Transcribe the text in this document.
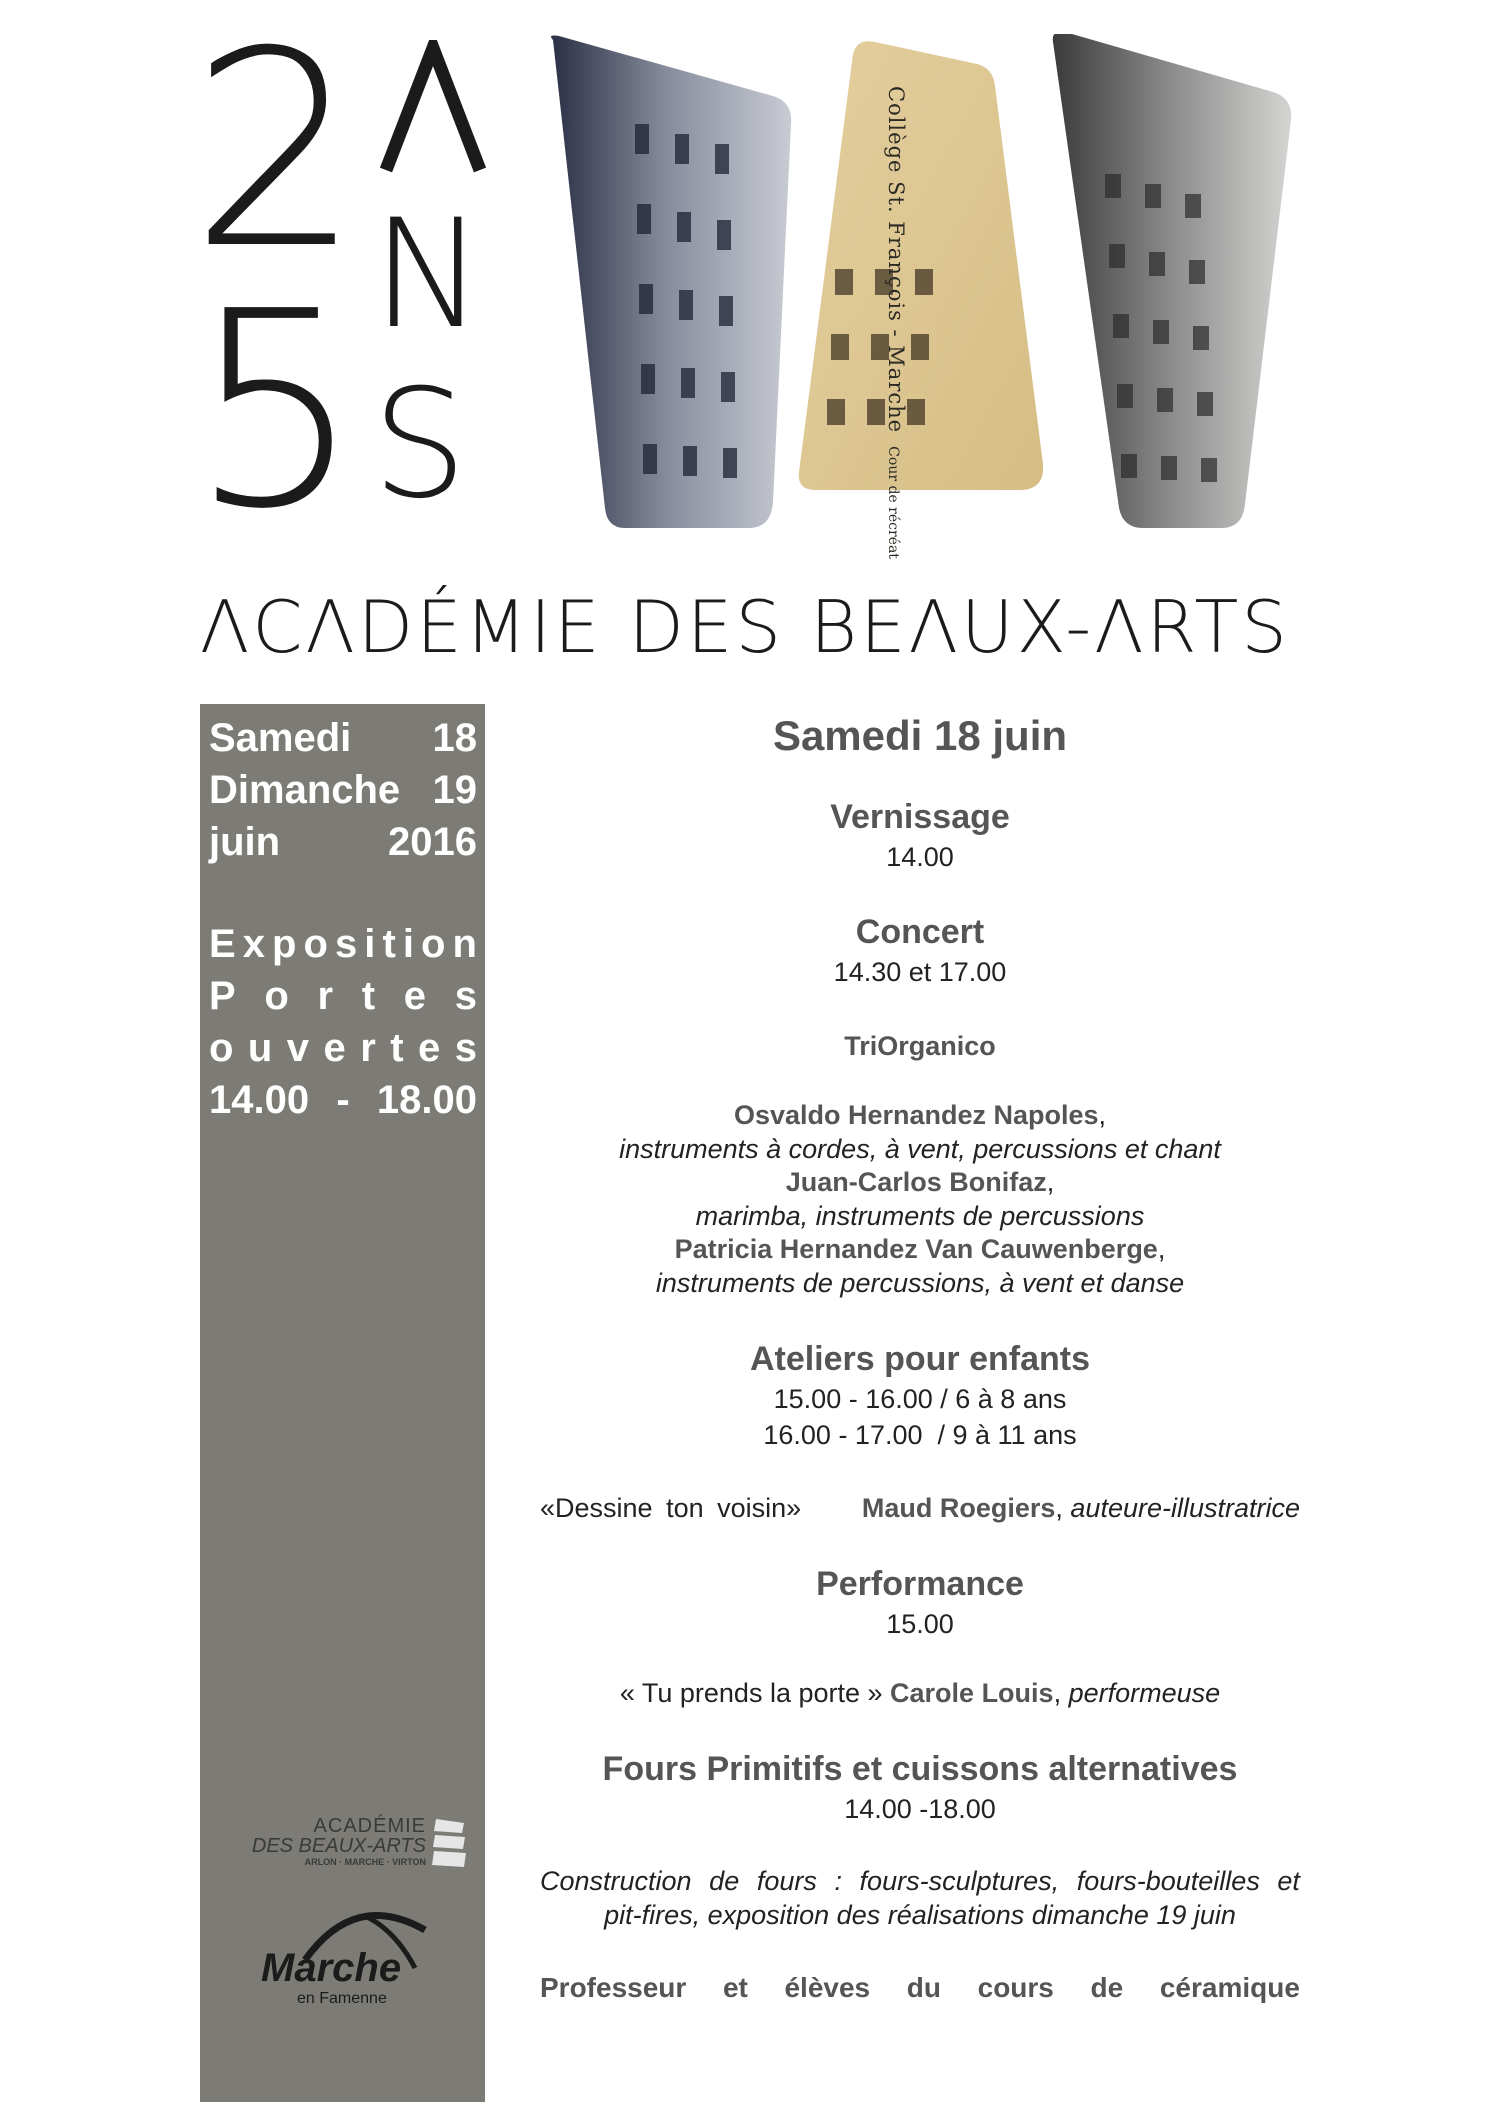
2
5 N
S
Collège St. François - Marche Cour de récréat
ΛCΛDÉMIE DES BEΛUX-ΛRTS
Samedi 18
Dimanche 19
juin	2016
E x p o s i t i o n
P o r t e s
o u v e r t e s
14.00 - 18.00
ACADÉMIE
DES BEAUX-ARTS
ARLON · MARCHE · VIRTON
Marche
en Famenne
Samedi 18 juin
Vernissage
14.00
Concert
14.30 et 17.00
TriOrganico
Osvaldo Hernandez Napoles,
instruments à cordes, à vent, percussions et chant
Juan-Carlos Bonifaz,
marimba, instruments de percussions
Patricia Hernandez Van Cauwenberge,
instruments de percussions, à vent et danse
Ateliers pour enfants
15.00 - 16.00 / 6 à 8 ans
16.00 - 17.00  / 9 à 11 ans
«Dessine ton voisin» Maud Roegiers, auteure-illustratrice
Performance
15.00
« Tu prends la porte » Carole Louis, performeuse
Fours Primitifs et cuissons alternatives
14.00 -18.00
Construction de fours : fours-sculptures, fours-bouteilles et
pit-fires, exposition des réalisations dimanche 19 juin
Professeur et élèves du cours de céramique
